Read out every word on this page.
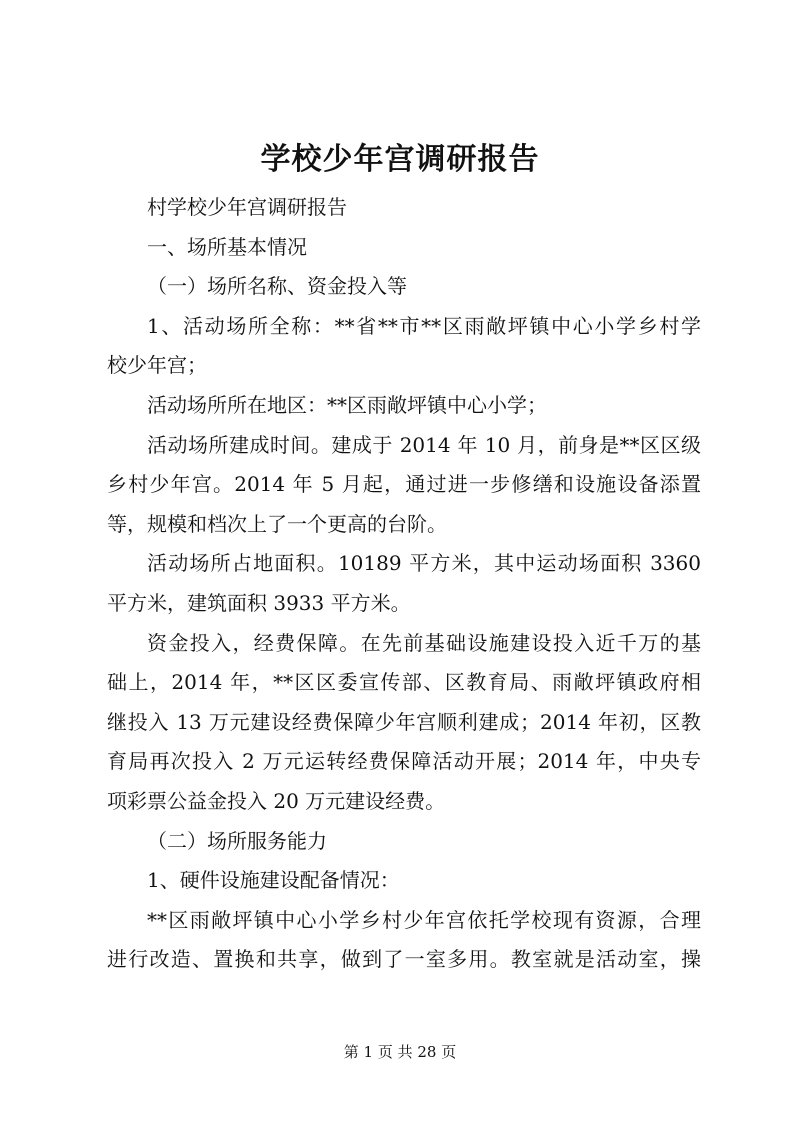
学校少年宫调研报告
村学校少年宫调研报告
一、场所基本情况
（一）场所名称、资金投入等
1、活动场所全称：**省**市**区雨敞坪镇中心小学乡村学
校少年宫；
活动场所所在地区：**区雨敞坪镇中心小学；
活动场所建成时间。建成于 2014 年 10 月，前身是**区区级
乡村少年宫。2014 年 5 月起，通过进一步修缮和设施设备添置
等，规模和档次上了一个更高的台阶。
活动场所占地面积。10189 平方米，其中运动场面积 3360
平方米，建筑面积 3933 平方米。
资金投入，经费保障。在先前基础设施建设投入近千万的基
础上，2014 年，**区区委宣传部、区教育局、雨敞坪镇政府相
继投入 13 万元建设经费保障少年宫顺利建成；2014 年初，区教
育局再次投入 2 万元运转经费保障活动开展；2014 年，中央专
项彩票公益金投入 20 万元建设经费。
（二）场所服务能力
1、硬件设施建设配备情况：
**区雨敞坪镇中心小学乡村少年宫依托学校现有资源，合理
进行改造、置换和共享，做到了一室多用。教室就是活动室，操
第 1 页 共 28 页
